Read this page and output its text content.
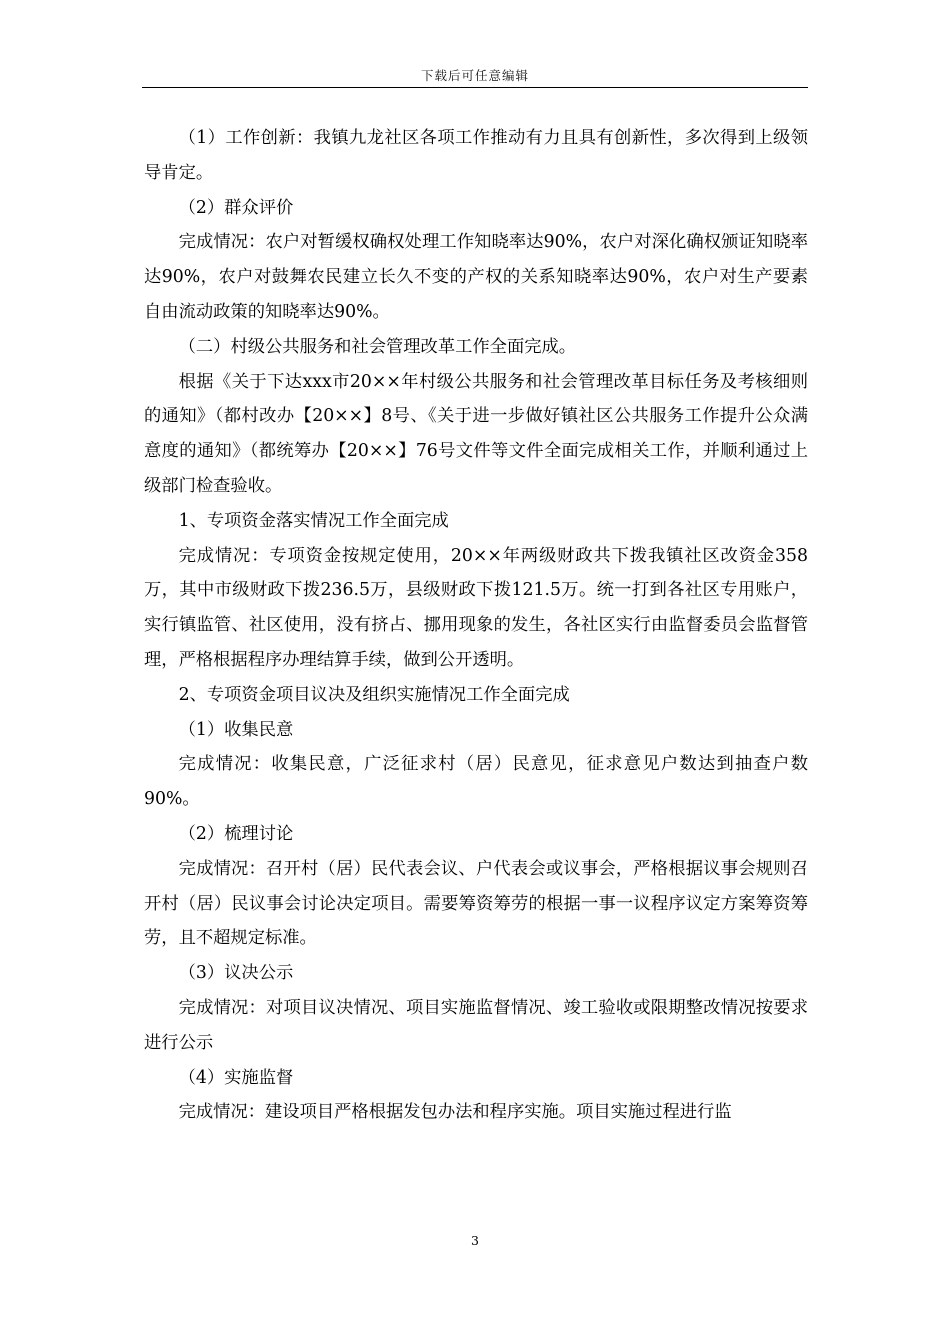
下载后可任意编辑

（1）工作创新：我镇九龙社区各项工作推动有力且具有创新性，多次得到上级领导肯定。

（2）群众评价

完成情况：农户对暂缓权确权处理工作知晓率达90%，农户对深化确权颁证知晓率达90%，农户对鼓舞农民建立长久不变的产权的关系知晓率达90%，农户对生产要素自由流动政策的知晓率达90%。

（二）村级公共服务和社会管理改革工作全面完成。

根据《关于下达xxx市20××年村级公共服务和社会管理改革目标任务及考核细则的通知》（都村改办【20××】8号、《关于进一步做好镇社区公共服务工作提升公众满意度的通知》（都统筹办【20××】76号文件等文件全面完成相关工作，并顺利通过上级部门检查验收。

1、专项资金落实情况工作全面完成

完成情况：专项资金按规定使用，20××年两级财政共下拨我镇社区改资金358万，其中市级财政下拨236.5万，县级财政下拨121.5万。统一打到各社区专用账户，实行镇监管、社区使用，没有挤占、挪用现象的发生，各社区实行由监督委员会监督管理，严格根据程序办理结算手续，做到公开透明。

2、专项资金项目议决及组织实施情况工作全面完成

（1）收集民意

完成情况：收集民意，广泛征求村（居）民意见，征求意见户数达到抽查户数90%。

（2）梳理讨论

完成情况：召开村（居）民代表会议、户代表会或议事会，严格根据议事会规则召开村（居）民议事会讨论决定项目。需要筹资筹劳的根据一事一议程序议定方案筹资筹劳，且不超规定标准。

（3）议决公示

完成情况：对项目议决情况、项目实施监督情况、竣工验收或限期整改情况按要求进行公示

（4）实施监督

完成情况：建设项目严格根据发包办法和程序实施。项目实施过程进行监

3
